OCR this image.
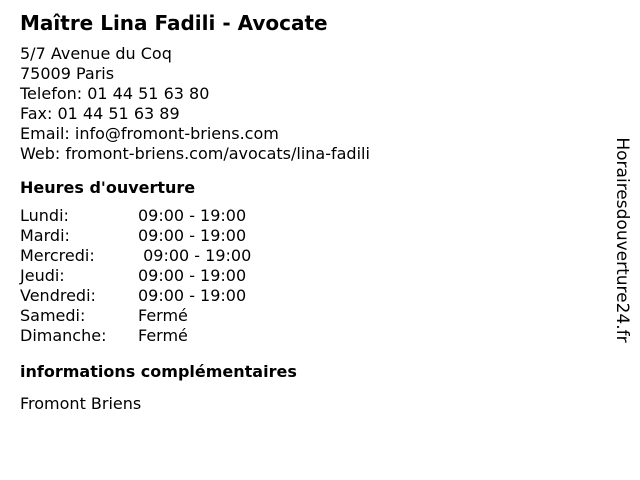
Maître Lina Fadili - Avocate
5/7 Avenue du Coq
75009 Paris
Telefon: 01 44 51 63 80
Fax: 01 44 51 63 89
Email: info@fromont-briens.com
Web: fromont-briens.com/avocats/lina-fadili
Heures d'ouverture
Lundi:	09:00 - 19:00
Mardi:	09:00 - 19:00
Mercredi:	09:00 - 19:00
Jeudi:	09:00 - 19:00
Vendredi:	09:00 - 19:00
Samedi:	Fermé
Dimanche:	Fermé
informations complémentaires
Fromont Briens
Horairesdouverture24.fr
